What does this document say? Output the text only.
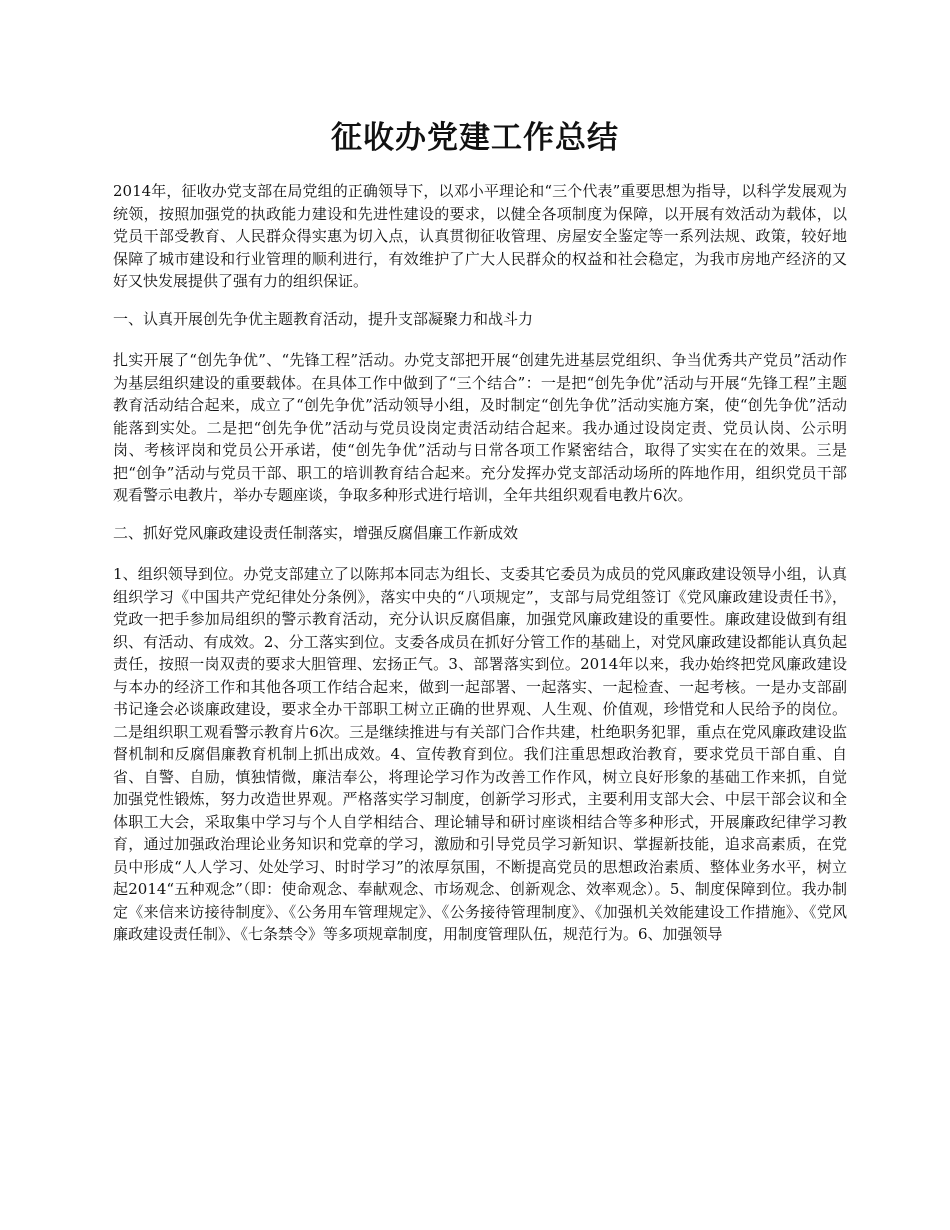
征收办党建工作总结

2014年，征收办党支部在局党组的正确领导下，以邓小平理论和“三个代表”重要思想为指导，以科学发展观为统领，按照加强党的执政能力建设和先进性建设的要求，以健全各项制度为保障，以开展有效活动为载体，以党员干部受教育、人民群众得实惠为切入点，认真贯彻征收管理、房屋安全鉴定等一系列法规、政策，较好地保障了城市建设和行业管理的顺利进行，有效维护了广大人民群众的权益和社会稳定，为我市房地产经济的又好又快发展提供了强有力的组织保证。

一、认真开展创先争优主题教育活动，提升支部凝聚力和战斗力

扎实开展了“创先争优”、“先锋工程”活动。办党支部把开展“创建先进基层党组织、争当优秀共产党员”活动作为基层组织建设的重要载体。在具体工作中做到了“三个结合”：一是把“创先争优”活动与开展“先锋工程”主题教育活动结合起来，成立了“创先争优”活动领导小组，及时制定“创先争优”活动实施方案，使“创先争优”活动能落到实处。二是把“创先争优”活动与党员设岗定责活动结合起来。我办通过设岗定责、党员认岗、公示明岗、考核评岗和党员公开承诺，使“创先争优”活动与日常各项工作紧密结合，取得了实实在在的效果。三是把“创争”活动与党员干部、职工的培训教育结合起来。充分发挥办党支部活动场所的阵地作用，组织党员干部观看警示电教片，举办专题座谈，争取多种形式进行培训，全年共组织观看电教片6次。

二、抓好党风廉政建设责任制落实，增强反腐倡廉工作新成效

1、组织领导到位。办党支部建立了以陈邦本同志为组长、支委其它委员为成员的党风廉政建设领导小组，认真组织学习《中国共产党纪律处分条例》，落实中央的“八项规定”，支部与局党组签订《党风廉政建设责任书》，党政一把手参加局组织的警示教育活动，充分认识反腐倡廉，加强党风廉政建设的重要性。廉政建设做到有组织、有活动、有成效。2、分工落实到位。支委各成员在抓好分管工作的基础上，对党风廉政建设都能认真负起责任，按照一岗双责的要求大胆管理、宏扬正气。3、部署落实到位。2014年以来，我办始终把党风廉政建设与本办的经济工作和其他各项工作结合起来，做到一起部署、一起落实、一起检查、一起考核。一是办支部副书记逢会必谈廉政建设，要求全办干部职工树立正确的世界观、人生观、价值观，珍惜党和人民给予的岗位。二是组织职工观看警示教育片6次。三是继续推进与有关部门合作共建，杜绝职务犯罪，重点在党风廉政建设监督机制和反腐倡廉教育机制上抓出成效。4、宣传教育到位。我们注重思想政治教育，要求党员干部自重、自省、自警、自励，慎独情微，廉洁奉公，将理论学习作为改善工作作风，树立良好形象的基础工作来抓，自觉加强党性锻炼，努力改造世界观。严格落实学习制度，创新学习形式，主要利用支部大会、中层干部会议和全体职工大会，采取集中学习与个人自学相结合、理论辅导和研讨座谈相结合等多种形式，开展廉政纪律学习教育，通过加强政治理论业务知识和党章的学习，激励和引导党员学习新知识、掌握新技能，追求高素质，在党员中形成“人人学习、处处学习、时时学习”的浓厚氛围，不断提高党员的思想政治素质、整体业务水平，树立起2014“五种观念”（即：使命观念、奉献观念、市场观念、创新观念、效率观念）。5、制度保障到位。我办制定《来信来访接待制度》、《公务用车管理规定》、《公务接待管理制度》、《加强机关效能建设工作措施》、《党风廉政建设责任制》、《七条禁令》等多项规章制度，用制度管理队伍，规范行为。6、加强领导
